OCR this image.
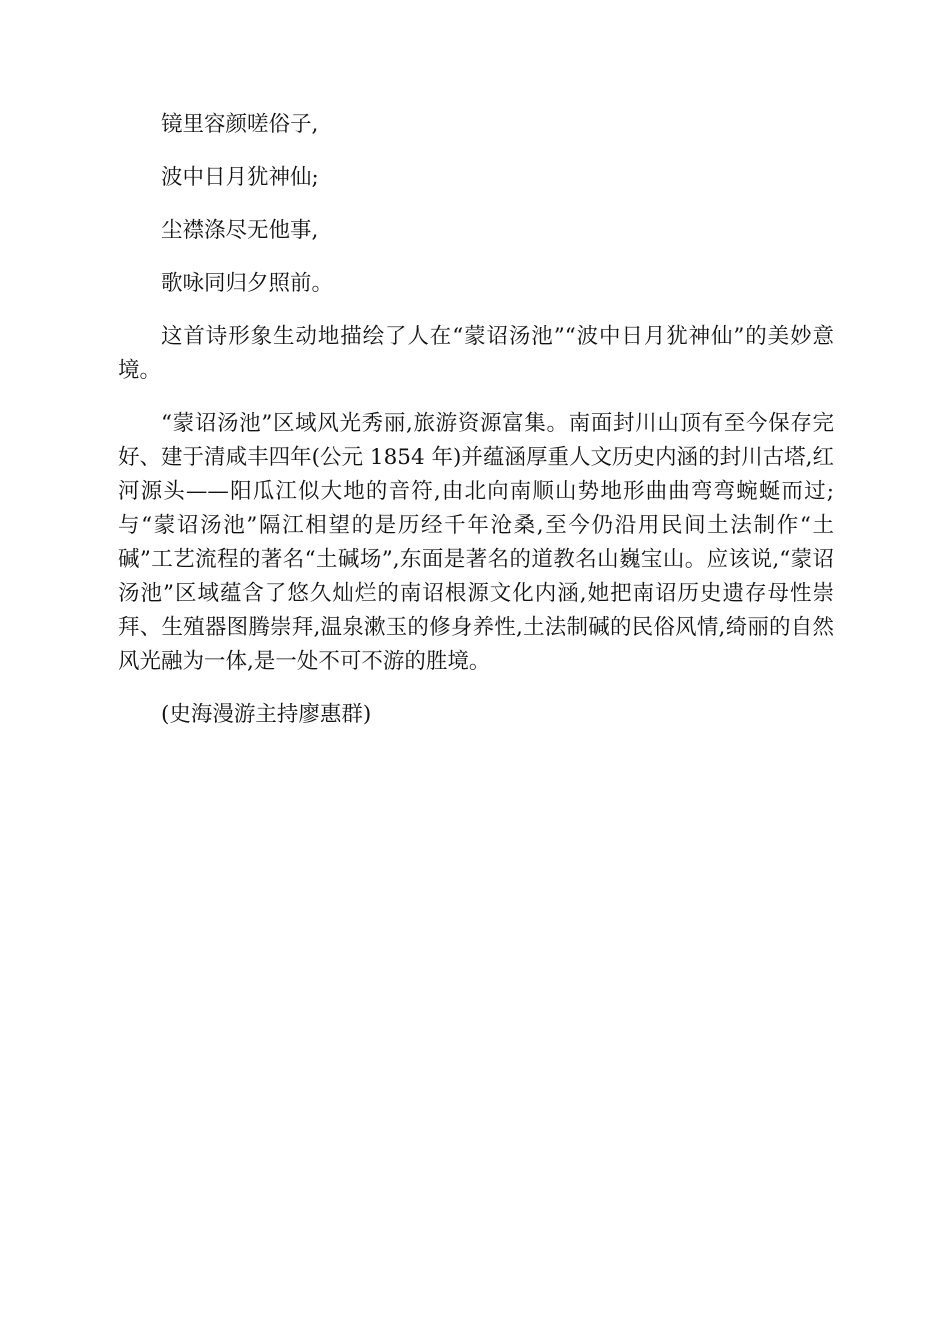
镜里容颜嗟俗子,

波中日月犹神仙;

尘襟涤尽无他事,

歌咏同归夕照前。

这首诗形象生动地描绘了人在“蒙诏汤池”“波中日月犹神仙”的美妙意境。

“蒙诏汤池”区域风光秀丽,旅游资源富集。南面封川山顶有至今保存完好、建于清咸丰四年(公元 1854 年)并蕴涵厚重人文历史内涵的封川古塔,红河源头——阳瓜江似大地的音符,由北向南顺山势地形曲曲弯弯蜿蜒而过;与“蒙诏汤池”隔江相望的是历经千年沧桑,至今仍沿用民间土法制作“土碱”工艺流程的著名“土碱场”,东面是著名的道教名山巍宝山。应该说,“蒙诏汤池”区域蕴含了悠久灿烂的南诏根源文化内涵,她把南诏历史遗存母性崇拜、生殖器图腾崇拜,温泉漱玉的修身养性,土法制碱的民俗风情,绮丽的自然风光融为一体,是一处不可不游的胜境。

(史海漫游主持廖惠群)
